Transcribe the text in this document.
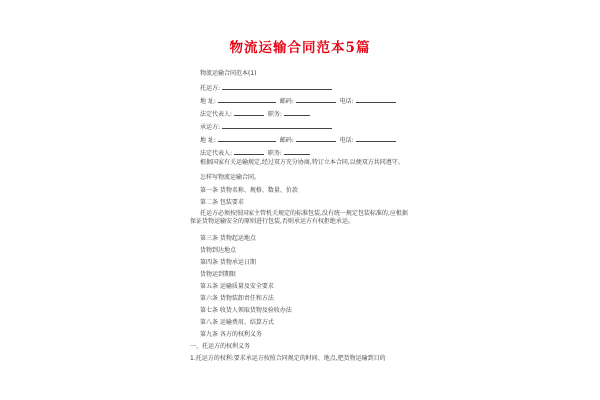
物流运输合同范本5篇
物流运输合同范本(1)
托运方:
地 址:	邮码:	电话:
法定代表人:	职务:
承运方:
地 址:	邮码:	电话:
法定代表人:	职务:
根据国家有关运输规定,经过双方充分协商,特订立本合同,以便双方共同遵守。
怎样写物流运输合同。
第一条 货物名称、规格、数量、价款
第二条 包装要求
托运方必须按照国家主管机关规定的标准包装,没有统一规定包装标准的,应根据保证货物运输安全的原则进行包装,否则承运方有权拒绝承运。
第三条 货物起运地点
货物到达地点
第四条 货物承运日期
货物运到期限
第五条 运输质量及安全要求
第六条 货物装卸责任和方法
第七条 收货人领取货物及验收办法
第八条 运输费用、结算方式
第九条 各方的权利义务
一、托运方的权利义务
1.托运方的权利:要求承运方按照合同规定的时间、地点,把货物运输到目的
